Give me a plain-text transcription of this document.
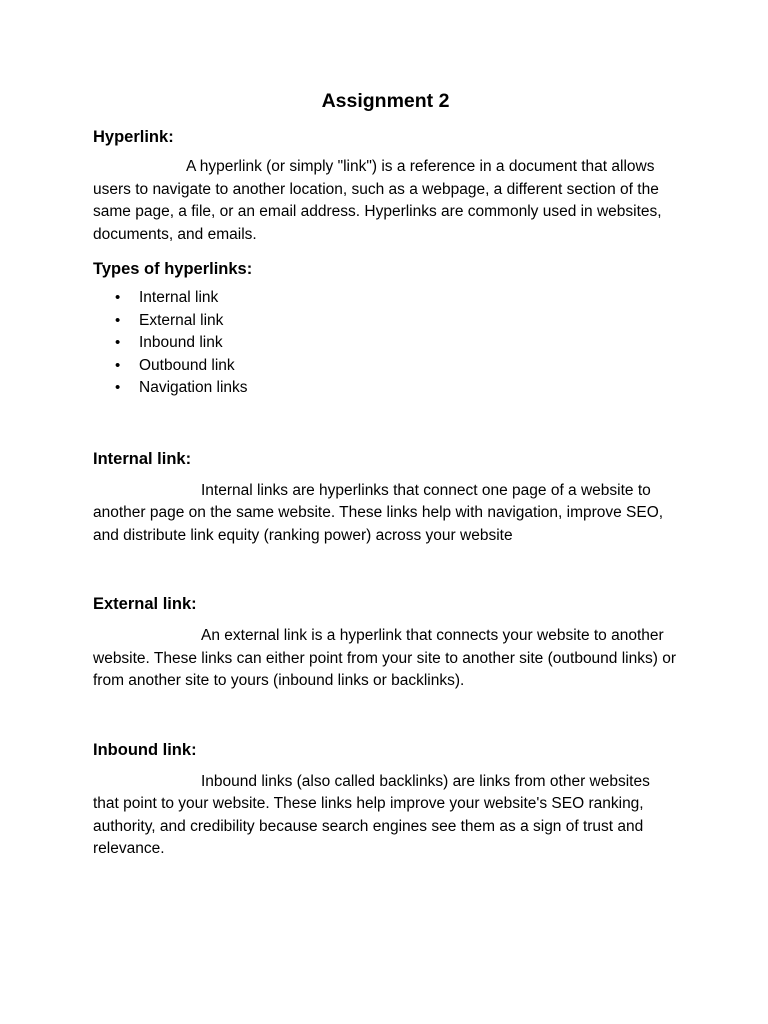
Assignment 2
Hyperlink:

A hyperlink (or simply "link") is a reference in a document that allows users to navigate to another location, such as a webpage, a different section of the same page, a file, or an email address. Hyperlinks are commonly used in websites, documents, and emails.

Types of hyperlinks:
• Internal link
• External link
• Inbound link
• Outbound link
• Navigation links
Internal link:

Internal links are hyperlinks that connect one page of a website to another page on the same website. These links help with navigation, improve SEO, and distribute link equity (ranking power) across your website

External link:

An external link is a hyperlink that connects your website to another website. These links can either point from your site to another site (outbound links) or from another site to yours (inbound links or backlinks).

Inbound link:

Inbound links (also called backlinks) are links from other websites that point to your website. These links help improve your website's SEO ranking, authority, and credibility because search engines see them as a sign of trust and relevance.
